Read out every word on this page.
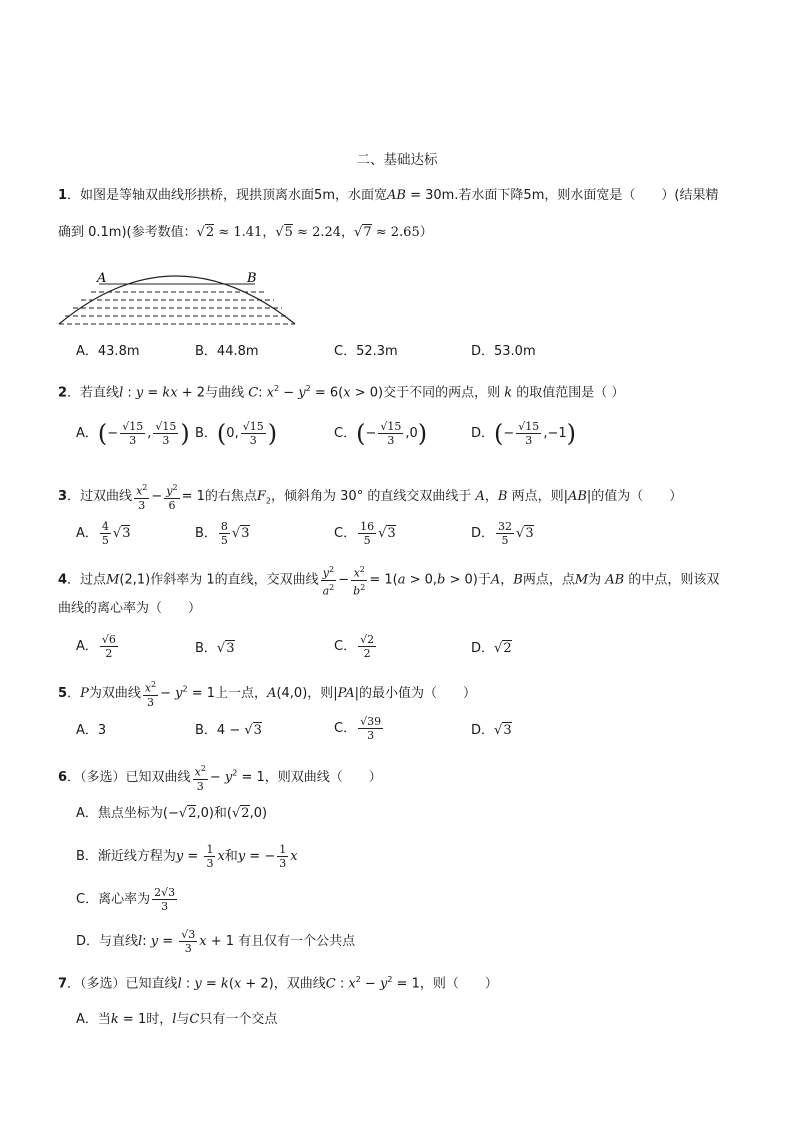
二、基础达标
1．如图是等轴双曲线形拱桥，现拱顶离水面5m，水面宽AB = 30m.若水面下降5m，则水面宽是（　　）(结果精
确到 0.1m)(参考数值：√2 ≈ 1.41，√5 ≈ 2.24，√7 ≈ 2.65）
A	B
A．43.8m	B．44.8m	C．52.3m	D．53.0m
2．若直线l : y = kx + 2与曲线 C: $x^2 - y^2 = 6(x > 0)$交于不同的两点，则 k 的取值范围是（ ）
A．(− $\frac{√15}{3}$ , $\frac{√15}{3}$ ) B．(0, $\frac{√15}{3}$ )	C．(− $\frac{√15}{3} ,0$)	D．(− $\frac{√15}{3} ,-1$)
3．过双曲线 $\frac{x^2}{3} - \frac{y^2}{6} = 1$的右焦点$F_2$，倾斜角为 30° 的直线交双曲线于 A，B 两点，则|AB|的值为（　　）
A． $\frac{4}{5} √3$	B． $\frac{8}{5} √3$	C． $\frac{16}{5} √3$	D． $\frac{32}{5} √3$
4．过点M(2,1)作斜率为 1的直线，交双曲线 $\frac{y^2}{a^2} - \frac{x^2}{b^2} = 1(a > 0,b > 0)$于A，B两点，点M为 AB 的中点，则该双
曲线的离心率为（　　）
A． $\frac{√6}{2}$	B．√3	C． $\frac{√2}{2}$	D．√2
5．P为双曲线 $\frac{x^2}{3} - y^2 = 1$上一点，A(4,0)，则|PA|的最小值为（　　）
A．3	B．4 − √3	C． $\frac{√39}{3}$	D．√3
6．（多选）已知双曲线 $\frac{x^2}{3} - y^2 = 1$，则双曲线（　　）
A．焦点坐标为(−√2,0)和(√2,0)
B．渐近线方程为$y = \frac{1}{3}$ x和y = − $\frac{1}{3}$ x
C．离心率为 $\frac{2√3}{3}$
D．与直线l: $y = \frac{√3}{3}$ x + 1 有且仅有一个公共点
7．（多选）已知直线l : y = k(x + 2)，双曲线C : $x^2 - y^2 = 1$，则（　　）
A．当k = 1时，l与C只有一个交点
